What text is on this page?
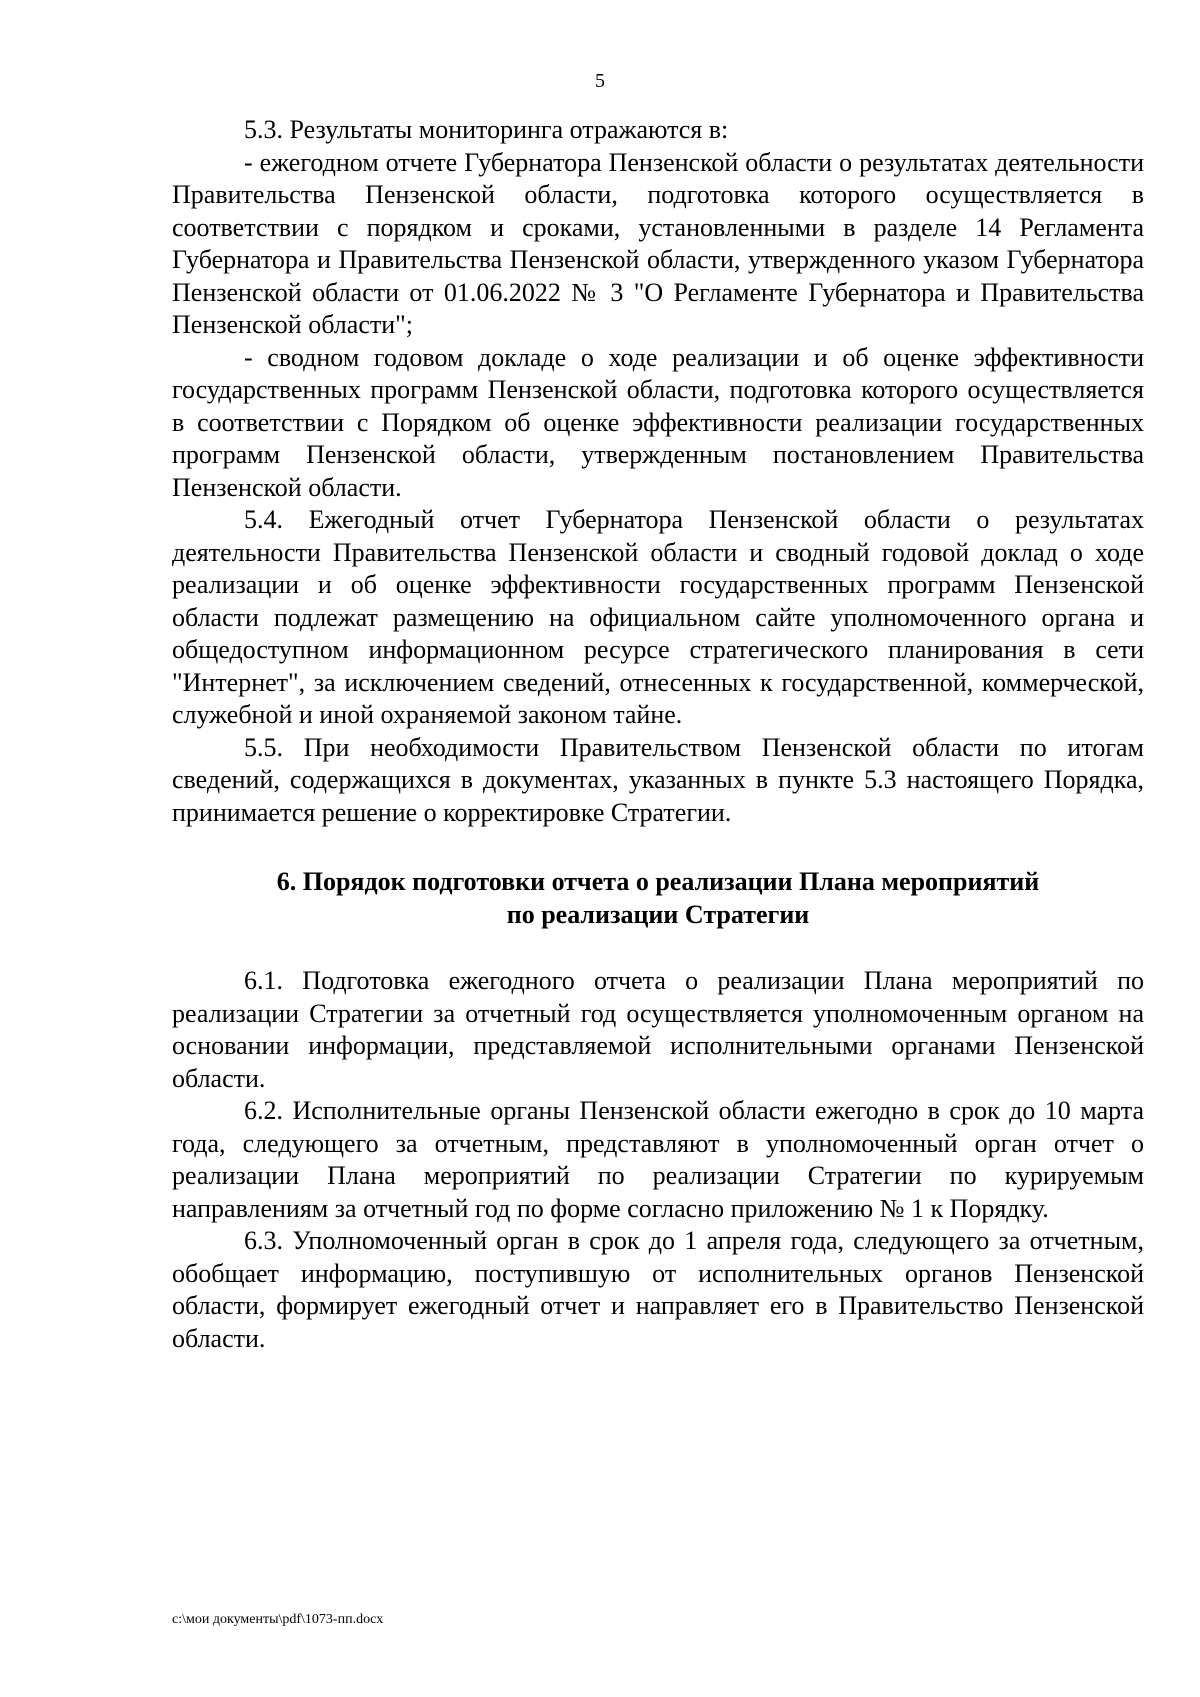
5

5.3. Результаты мониторинга отражаются в:

- ежегодном отчете Губернатора Пензенской области о результатах деятельности Правительства Пензенской области, подготовка которого осуществляется в соответствии с порядком и сроками, установленными в разделе 14 Регламента Губернатора и Правительства Пензенской области, утвержденного указом Губернатора Пензенской области от 01.06.2022 № 3 "О Регламенте Губернатора и Правительства Пензенской области";

- сводном годовом докладе о ходе реализации и об оценке эффективности государственных программ Пензенской области, подготовка которого осуществляется в соответствии с Порядком об оценке эффективности реализации государственных программ Пензенской области, утвержденным постановлением Правительства Пензенской области.

5.4. Ежегодный отчет Губернатора Пензенской области о результатах деятельности Правительства Пензенской области и сводный годовой доклад о ходе реализации и об оценке эффективности государственных программ Пензенской области подлежат размещению на официальном сайте уполномоченного органа и общедоступном информационном ресурсе стратегического планирования в сети "Интернет", за исключением сведений, отнесенных к государственной, коммерческой, служебной и иной охраняемой законом тайне.

5.5. При необходимости Правительством Пензенской области по итогам сведений, содержащихся в документах, указанных в пункте 5.3 настоящего Порядка, принимается решение о корректировке Стратегии.

6. Порядок подготовки отчета о реализации Плана мероприятий
по реализации Стратегии

6.1. Подготовка ежегодного отчета о реализации Плана мероприятий по реализации Стратегии за отчетный год осуществляется уполномоченным органом на основании информации, представляемой исполнительными органами Пензенской области.

6.2. Исполнительные органы Пензенской области ежегодно в срок до 10 марта года, следующего за отчетным, представляют в уполномоченный орган отчет о реализации Плана мероприятий по реализации Стратегии по курируемым направлениям за отчетный год по форме согласно приложению № 1 к Порядку.

6.3. Уполномоченный орган в срок до 1 апреля года, следующего за отчетным, обобщает информацию, поступившую от исполнительных органов Пензенской области, формирует ежегодный отчет и направляет его в Правительство Пензенской области.

c:\мои документы\pdf\1073-пп.docx
